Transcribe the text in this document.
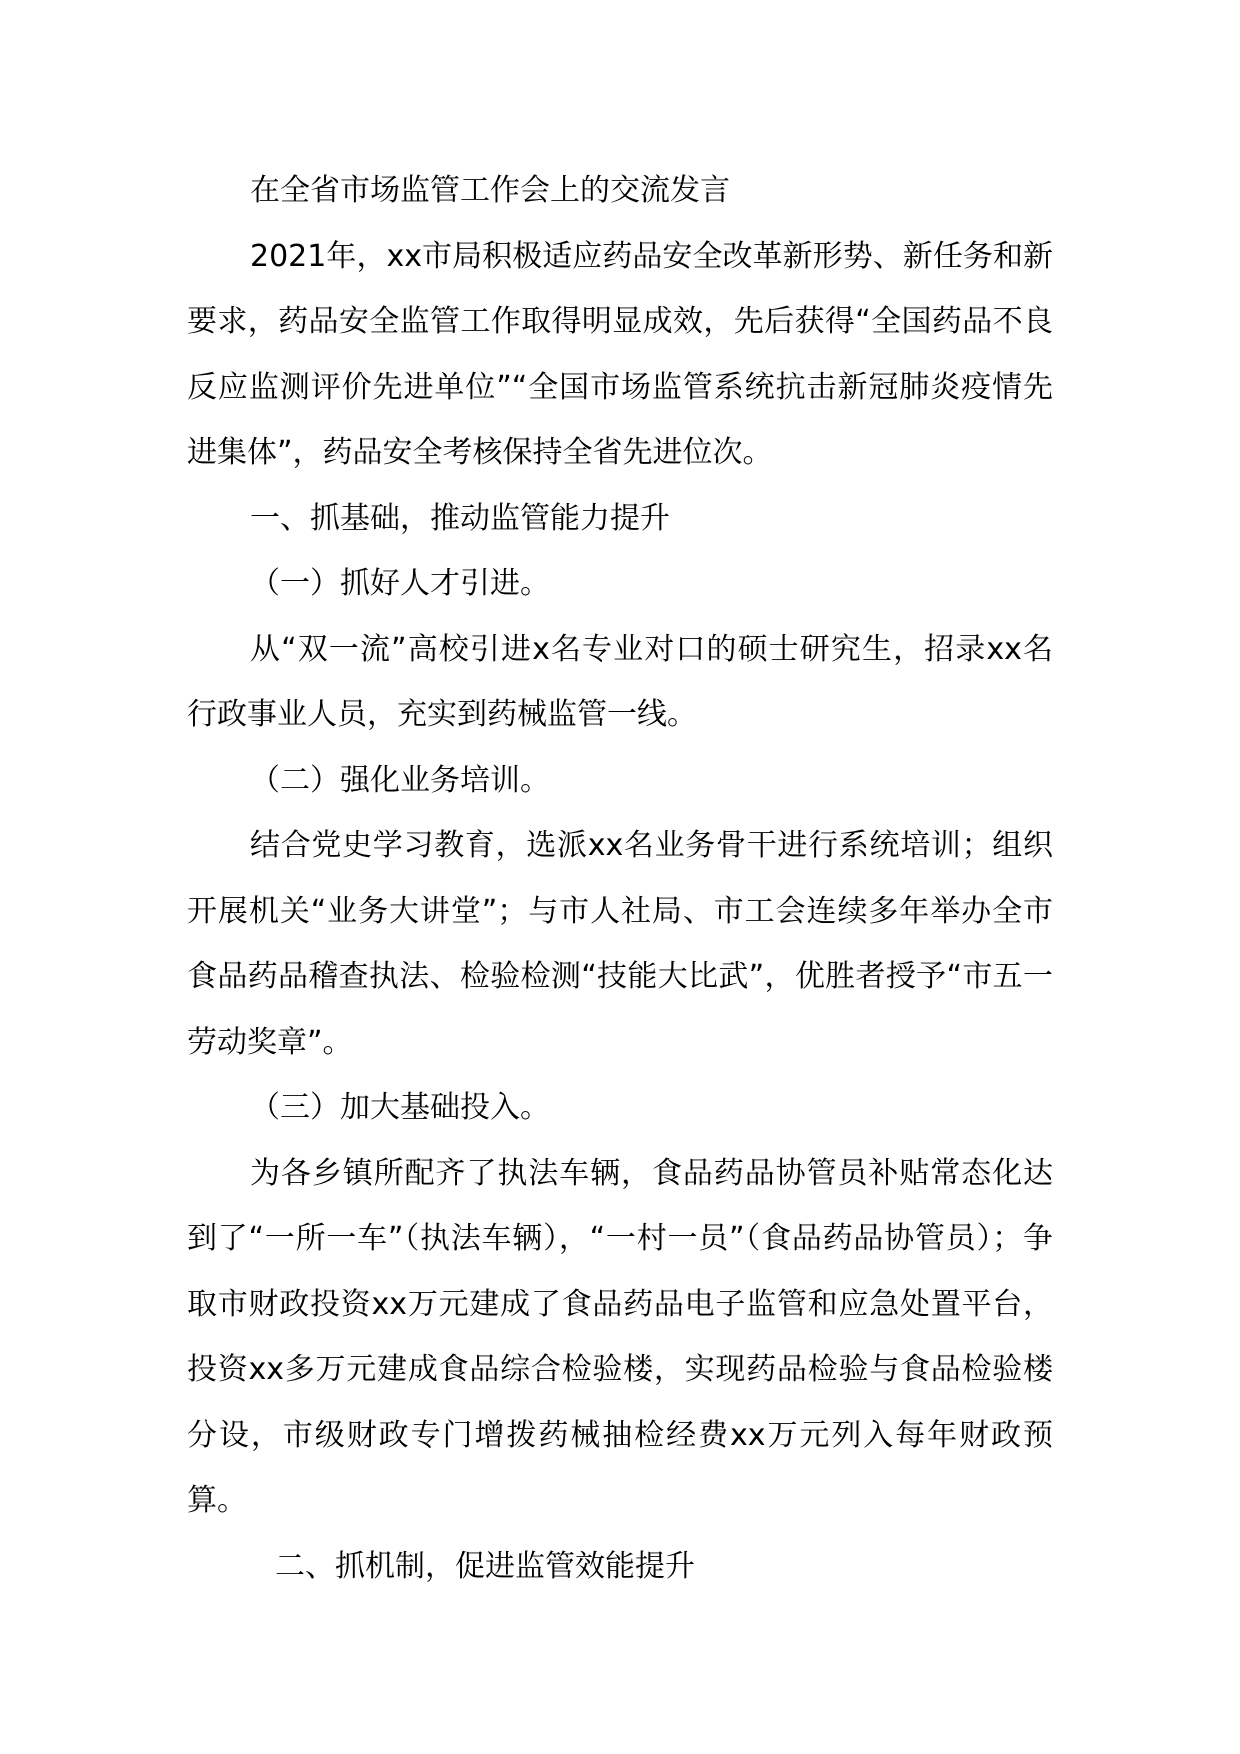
在全省市场监管工作会上的交流发言

2021年，xx市局积极适应药品安全改革新形势、新任务和新要求，药品安全监管工作取得明显成效，先后获得“全国药品不良反应监测评价先进单位”“全国市场监管系统抗击新冠肺炎疫情先进集体”，药品安全考核保持全省先进位次。

一、抓基础，推动监管能力提升

（一）抓好人才引进。

从“双一流”高校引进x名专业对口的硕士研究生，招录xx名行政事业人员，充实到药械监管一线。

（二）强化业务培训。

结合党史学习教育，选派xx名业务骨干进行系统培训；组织开展机关“业务大讲堂”；与市人社局、市工会连续多年举办全市食品药品稽查执法、检验检测“技能大比武”，优胜者授予“市五一劳动奖章”。

（三）加大基础投入。

为各乡镇所配齐了执法车辆，食品药品协管员补贴常态化达到了“一所一车”（执法车辆），“一村一员”（食品药品协管员）；争取市财政投资xx万元建成了食品药品电子监管和应急处置平台，投资xx多万元建成食品综合检验楼，实现药品检验与食品检验楼分设，市级财政专门增拨药械抽检经费xx万元列入每年财政预算。

二、抓机制，促进监管效能提升
